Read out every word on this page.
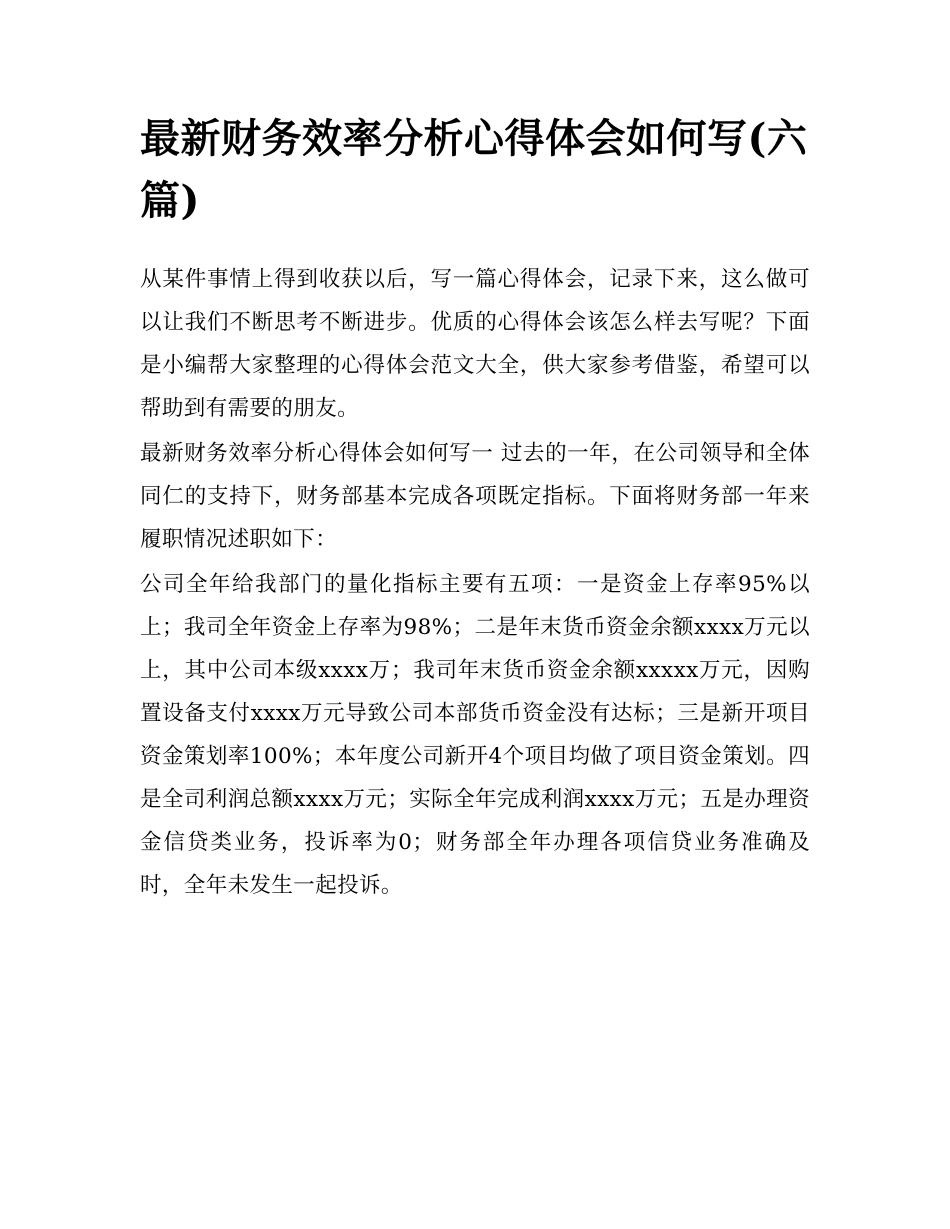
最新财务效率分析心得体会如何写(六篇)

从某件事情上得到收获以后，写一篇心得体会，记录下来，这么做可以让我们不断思考不断进步。优质的心得体会该怎么样去写呢？下面是小编帮大家整理的心得体会范文大全，供大家参考借鉴，希望可以帮助到有需要的朋友。

最新财务效率分析心得体会如何写一 过去的一年，在公司领导和全体同仁的支持下，财务部基本完成各项既定指标。下面将财务部一年来履职情况述职如下：

公司全年给我部门的量化指标主要有五项：一是资金上存率95%以上；我司全年资金上存率为98%；二是年末货币资金余额xxxx万元以上，其中公司本级xxxx万；我司年末货币资金余额xxxxx万元，因购置设备支付xxxx万元导致公司本部货币资金没有达标；三是新开项目资金策划率100%；本年度公司新开4个项目均做了项目资金策划。四是全司利润总额xxxx万元；实际全年完成利润xxxx万元；五是办理资金信贷类业务，投诉率为0；财务部全年办理各项信贷业务准确及时，全年未发生一起投诉。
